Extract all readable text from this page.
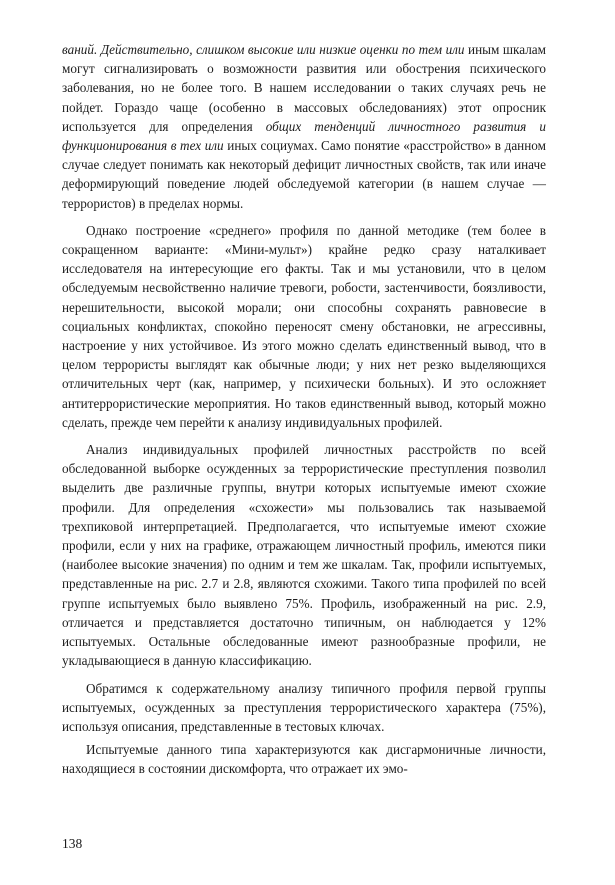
ваний. Действительно, слишком высокие или низкие оценки по тем или иным шкалам могут сигнализировать о возможности развития или обострения психического заболевания, но не более того. В нашем исследовании о таких случаях речь не пойдет. Гораздо чаще (особенно в массовых обследованиях) этот опросник используется для определения общих тенденций личностного развития и функционирования в тех или иных социумах. Само понятие «расстройство» в данном случае следует понимать как некоторый дефицит личностных свойств, так или иначе деформирующий поведение людей обследуемой категории (в нашем случае — террористов) в пределах нормы.

Однако построение «среднего» профиля по данной методике (тем более в сокращенном варианте: «Мини-мульт») крайне редко сразу наталкивает исследователя на интересующие его факты. Так и мы установили, что в целом обследуемым несвойственно наличие тревоги, робости, застенчивости, боязливости, нерешительности, высокой морали; они способны сохранять равновесие в социальных конфликтах, спокойно переносят смену обстановки, не агрессивны, настроение у них устойчивое. Из этого можно сделать единственный вывод, что в целом террористы выглядят как обычные люди; у них нет резко выделяющихся отличительных черт (как, например, у психически больных). И это осложняет антитеррористические мероприятия. Но таков единственный вывод, который можно сделать, прежде чем перейти к анализу индивидуальных профилей.

Анализ индивидуальных профилей личностных расстройств по всей обследованной выборке осужденных за террористические преступления позволил выделить две различные группы, внутри которых испытуемые имеют схожие профили. Для определения «схожести» мы пользовались так называемой трехпиковой интерпретацией. Предполагается, что испытуемые имеют схожие профили, если у них на графике, отражающем личностный профиль, имеются пики (наиболее высокие значения) по одним и тем же шкалам. Так, профили испытуемых, представленные на рис. 2.7 и 2.8, являются схожими. Такого типа профилей по всей группе испытуемых было выявлено 75%. Профиль, изображенный на рис. 2.9, отличается и представляется достаточно типичным, он наблюдается у 12% испытуемых. Остальные обследованные имеют разнообразные профили, не укладывающиеся в данную классификацию.

Обратимся к содержательному анализу типичного профиля первой группы испытуемых, осужденных за преступления террористического характера (75%), используя описания, представленные в тестовых ключах.

Испытуемые данного типа характеризуются как дисгармоничные личности, находящиеся в состоянии дискомфорта, что отражает их эмо-

138
